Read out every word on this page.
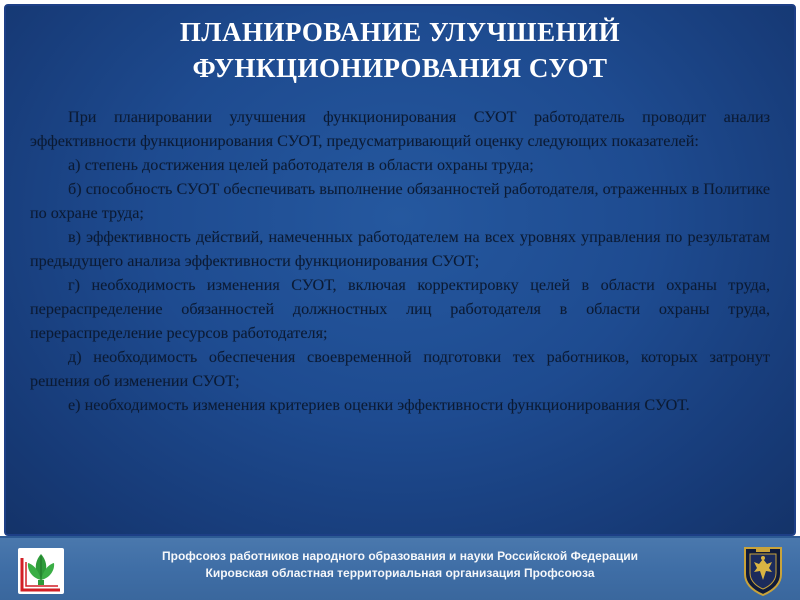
ПЛАНИРОВАНИЕ УЛУЧШЕНИЙ
ФУНКЦИОНИРОВАНИЯ СУОТ

При планировании улучшения функционирования СУОТ работодатель проводит анализ эффективности функционирования СУОТ, предусматривающий оценку следующих показателей:

а) степень достижения целей работодателя в области охраны труда;

б) способность СУОТ обеспечивать выполнение обязанностей работодателя, отраженных в Политике по охране труда;

в) эффективность действий, намеченных работодателем на всех уровнях управления по результатам предыдущего анализа эффективности функционирования СУОТ;

г) необходимость изменения СУОТ, включая корректировку целей в области охраны труда, перераспределение обязанностей должностных лиц работодателя в области охраны труда, перераспределение ресурсов работодателя;

д) необходимость обеспечения своевременной подготовки тех работников, которых затронут решения об изменении СУОТ;

е) необходимость изменения критериев оценки эффективности функционирования СУОТ.

Профсоюз работников народного образования и науки Российской Федерации
Кировская областная территориальная организация Профсоюза
